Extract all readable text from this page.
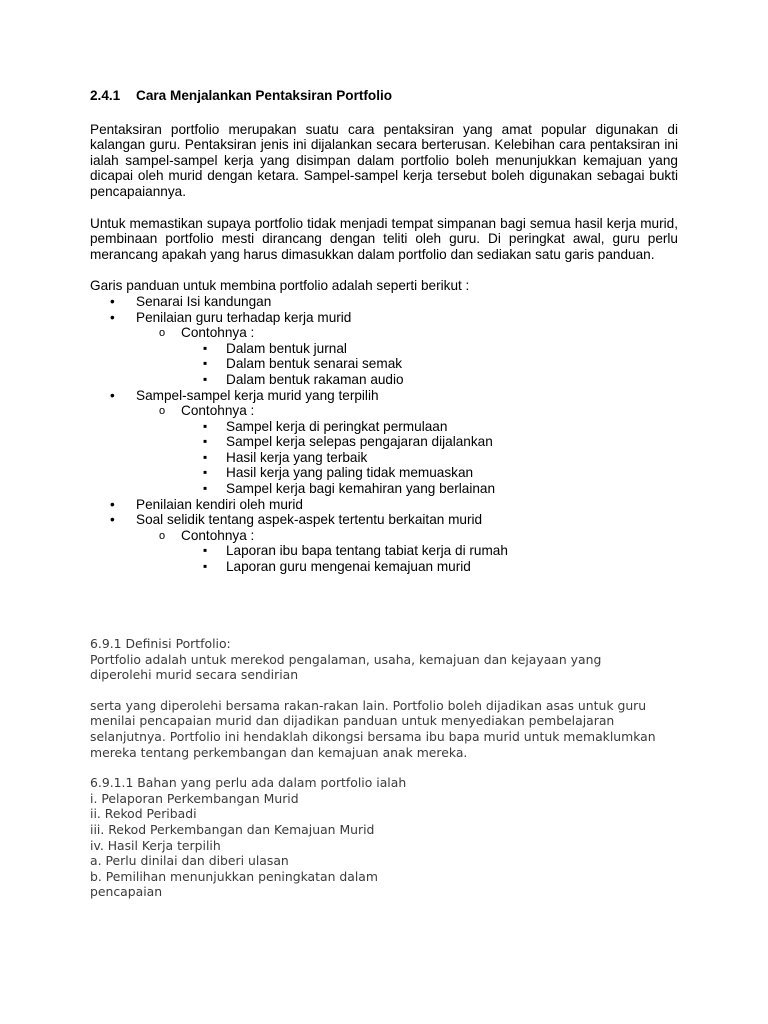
2.4.1 Cara Menjalankan Pentaksiran Portfolio

Pentaksiran portfolio merupakan suatu cara pentaksiran yang amat popular digunakan di kalangan guru. Pentaksiran jenis ini dijalankan secara berterusan. Kelebihan cara pentaksiran ini ialah sampel-sampel kerja yang disimpan dalam portfolio boleh menunjukkan kemajuan yang dicapai oleh murid dengan ketara. Sampel-sampel kerja tersebut boleh digunakan sebagai bukti pencapaiannya.

Untuk memastikan supaya portfolio tidak menjadi tempat simpanan bagi semua hasil kerja murid, pembinaan portfolio mesti dirancang dengan teliti oleh guru. Di peringkat awal, guru perlu merancang apakah yang harus dimasukkan dalam portfolio dan sediakan satu garis panduan.

Garis panduan untuk membina portfolio adalah seperti berikut :

• Senarai Isi kandungan
• Penilaian guru terhadap kerja murid
o Contohnya :
▪ Dalam bentuk jurnal
▪ Dalam bentuk senarai semak
▪ Dalam bentuk rakaman audio
• Sampel-sampel kerja murid yang terpilih
o Contohnya :
▪ Sampel kerja di peringkat permulaan
▪ Sampel kerja selepas pengajaran dijalankan
▪ Hasil kerja yang terbaik
▪ Hasil kerja yang paling tidak memuaskan
▪ Sampel kerja bagi kemahiran yang berlainan
• Penilaian kendiri oleh murid
• Soal selidik tentang aspek-aspek tertentu berkaitan murid
o Contohnya :
▪ Laporan ibu bapa tentang tabiat kerja di rumah
▪ Laporan guru mengenai kemajuan murid

6.9.1 Definisi Portfolio:

Portfolio adalah untuk merekod pengalaman, usaha, kemajuan dan kejayaan yang

diperolehi murid secara sendirian

serta yang diperolehi bersama rakan-rakan lain. Portfolio boleh dijadikan asas untuk guru

menilai pencapaian murid dan dijadikan panduan untuk menyediakan pembelajaran

selanjutnya. Portfolio ini hendaklah dikongsi bersama ibu bapa murid untuk memaklumkan

mereka tentang perkembangan dan kemajuan anak mereka.

6.9.1.1 Bahan yang perlu ada dalam portfolio ialah

i. Pelaporan Perkembangan Murid

ii. Rekod Peribadi

iii. Rekod Perkembangan dan Kemajuan Murid

iv. Hasil Kerja terpilih

a. Perlu dinilai dan diberi ulasan

b. Pemilihan menunjukkan peningkatan dalam

pencapaian
